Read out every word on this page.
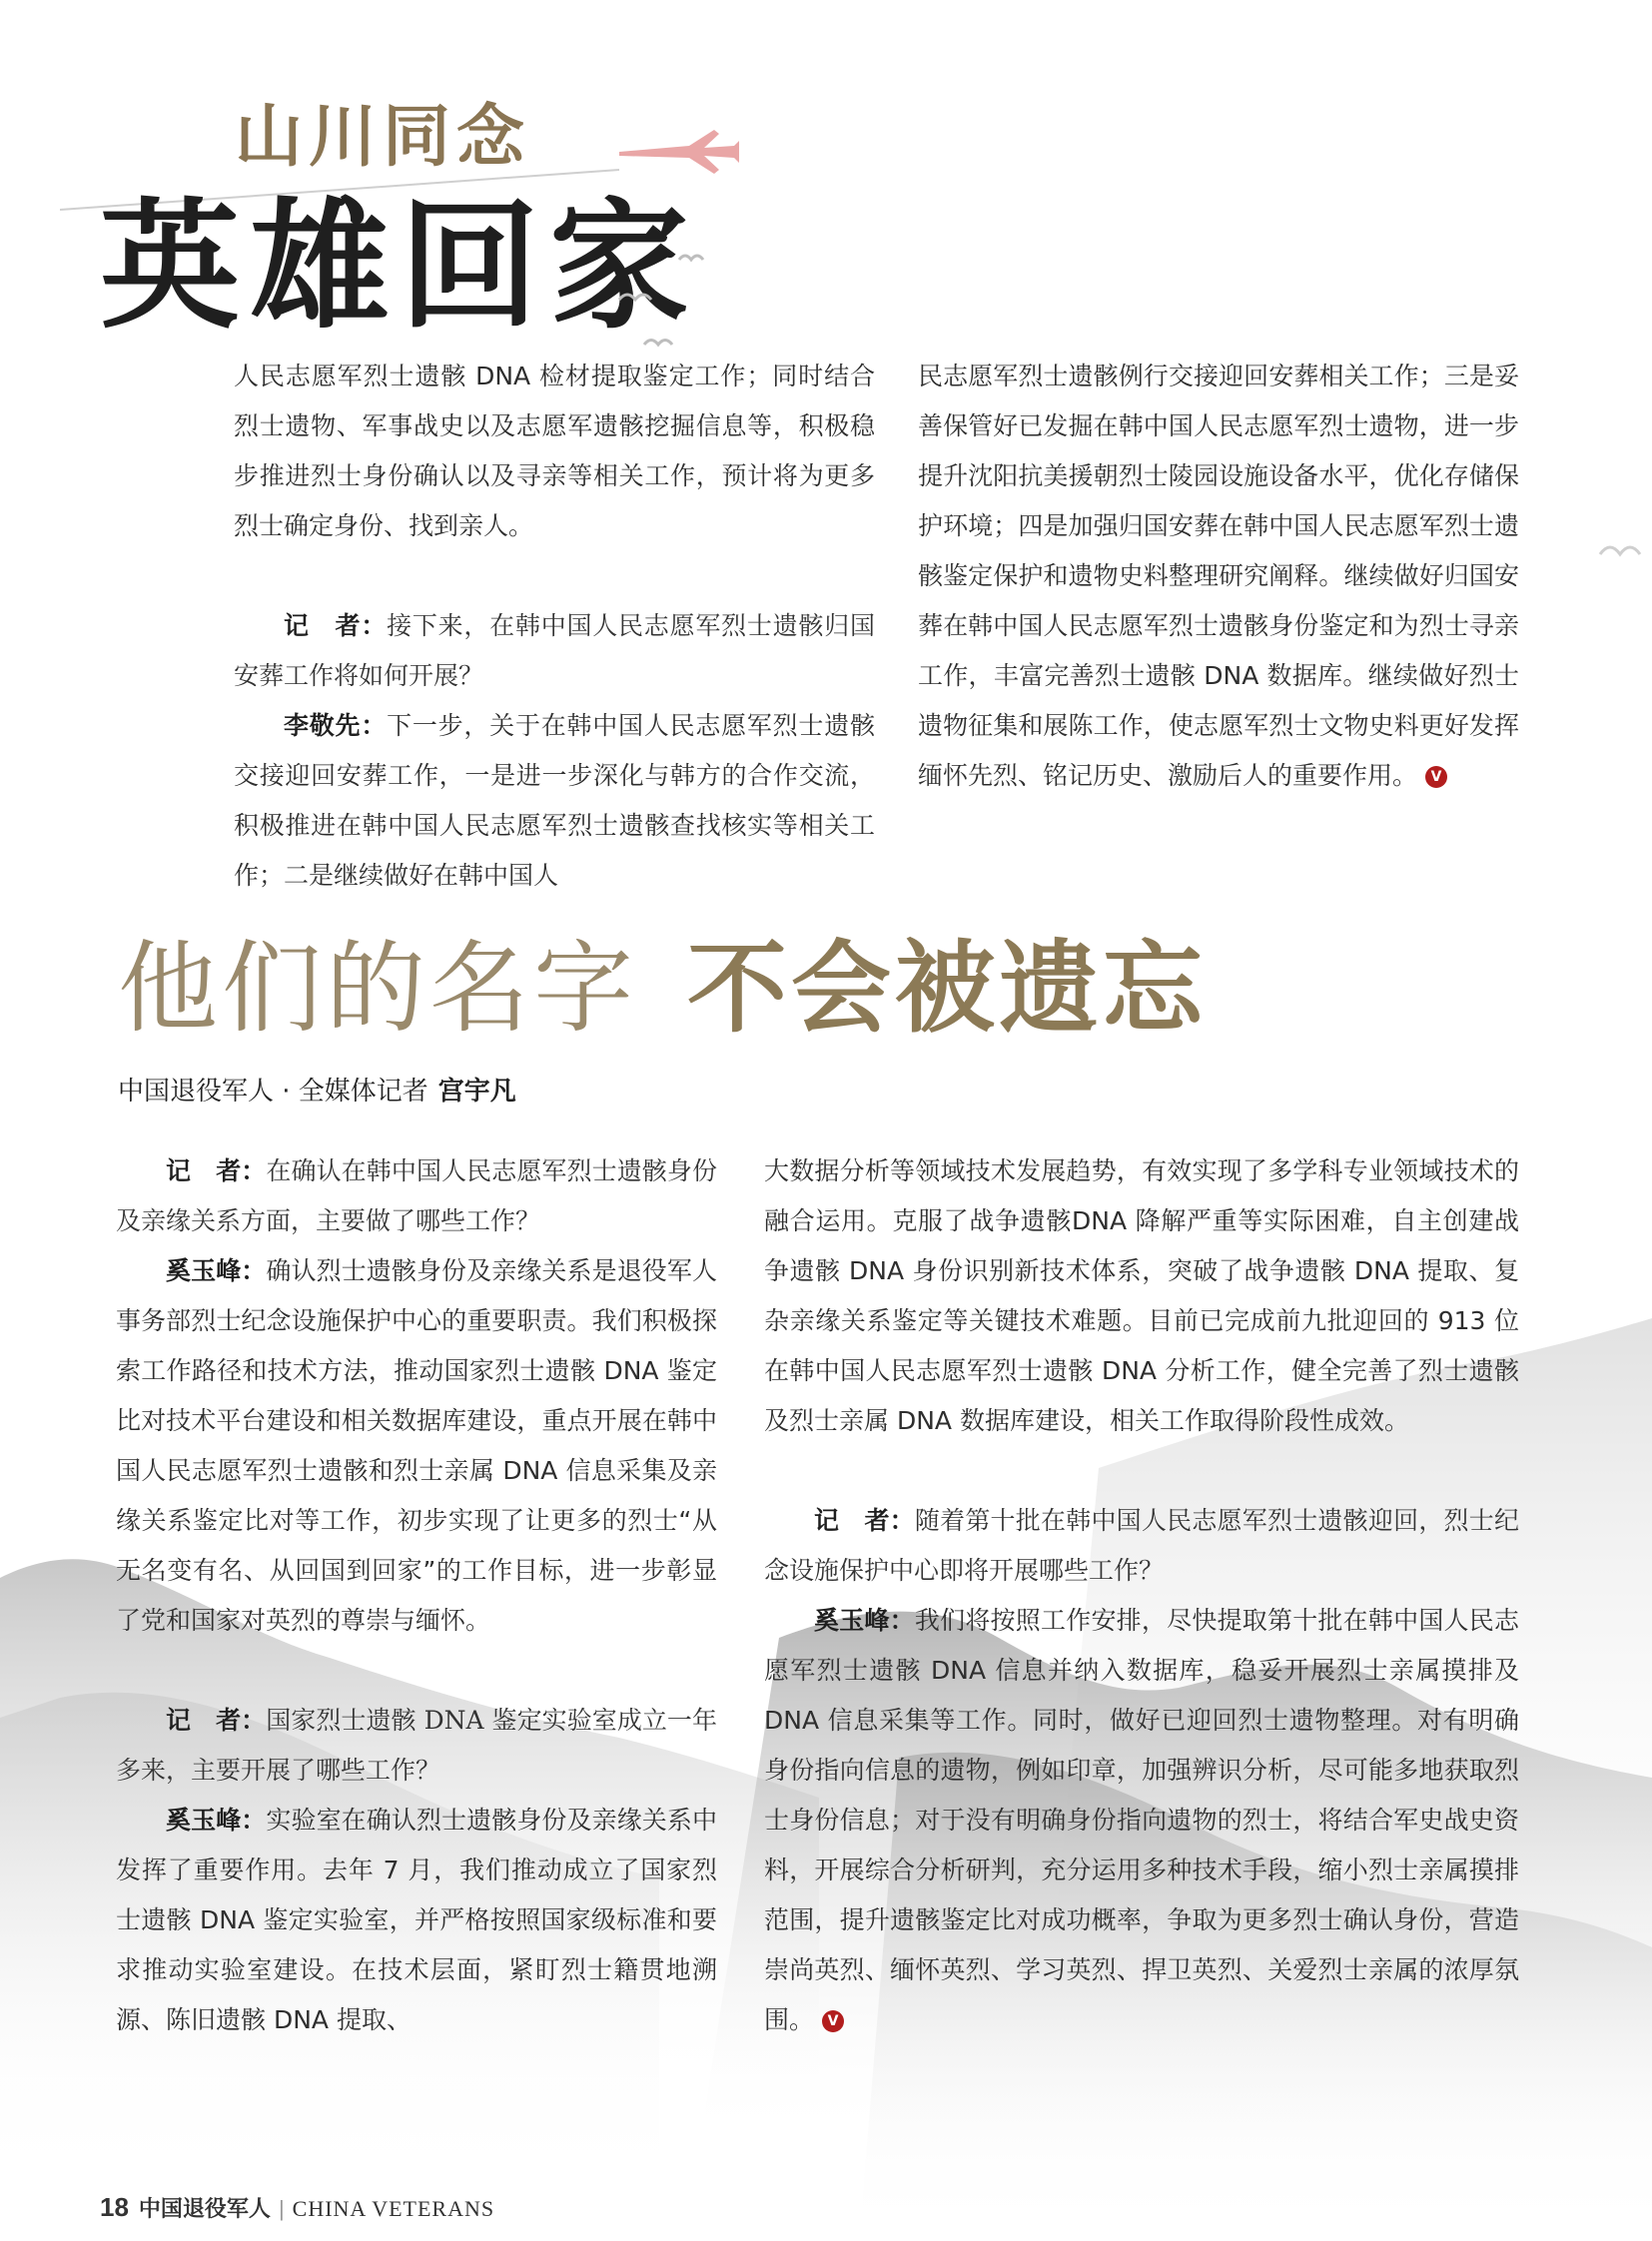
山川同念
英雄回家

人民志愿军烈士遗骸 DNA 检材提取鉴定工作；同时结合烈士遗物、军事战史以及志愿军遗骸挖掘信息等，积极稳步推进烈士身份确认以及寻亲等相关工作，预计将为更多烈士确定身份、找到亲人。

记　者：接下来，在韩中国人民志愿军烈士遗骸归国安葬工作将如何开展？

李敬先：下一步，关于在韩中国人民志愿军烈士遗骸交接迎回安葬工作，一是进一步深化与韩方的合作交流，积极推进在韩中国人民志愿军烈士遗骸查找核实等相关工作；二是继续做好在韩中国人

民志愿军烈士遗骸例行交接迎回安葬相关工作；三是妥善保管好已发掘在韩中国人民志愿军烈士遗物，进一步提升沈阳抗美援朝烈士陵园设施设备水平，优化存储保护环境；四是加强归国安葬在韩中国人民志愿军烈士遗骸鉴定保护和遗物史料整理研究阐释。继续做好归国安葬在韩中国人民志愿军烈士遗骸身份鉴定和为烈士寻亲工作，丰富完善烈士遗骸 DNA 数据库。继续做好烈士遗物征集和展陈工作，使志愿军烈士文物史料更好发挥缅怀先烈、铭记历史、激励后人的重要作用。 V

他们的名字 不会被遗忘
中国退役军人 · 全媒体记者 宫宇凡

记　者：在确认在韩中国人民志愿军烈士遗骸身份及亲缘关系方面，主要做了哪些工作？

奚玉峰：确认烈士遗骸身份及亲缘关系是退役军人事务部烈士纪念设施保护中心的重要职责。我们积极探索工作路径和技术方法，推动国家烈士遗骸 DNA 鉴定比对技术平台建设和相关数据库建设，重点开展在韩中国人民志愿军烈士遗骸和烈士亲属 DNA 信息采集及亲缘关系鉴定比对等工作，初步实现了让更多的烈士“从无名变有名、从回国到回家”的工作目标，进一步彰显了党和国家对英烈的尊崇与缅怀。

记　者：国家烈士遗骸 DNA 鉴定实验室成立一年多来，主要开展了哪些工作？

奚玉峰：实验室在确认烈士遗骸身份及亲缘关系中发挥了重要作用。去年 7 月，我们推动成立了国家烈士遗骸 DNA 鉴定实验室，并严格按照国家级标准和要求推动实验室建设。在技术层面，紧盯烈士籍贯地溯源、陈旧遗骸 DNA 提取、

大数据分析等领域技术发展趋势，有效实现了多学科专业领域技术的融合运用。克服了战争遗骸DNA 降解严重等实际困难，自主创建战争遗骸 DNA 身份识别新技术体系，突破了战争遗骸 DNA 提取、复杂亲缘关系鉴定等关键技术难题。目前已完成前九批迎回的 913 位在韩中国人民志愿军烈士遗骸 DNA 分析工作，健全完善了烈士遗骸及烈士亲属 DNA 数据库建设，相关工作取得阶段性成效。

记　者：随着第十批在韩中国人民志愿军烈士遗骸迎回，烈士纪念设施保护中心即将开展哪些工作？

奚玉峰：我们将按照工作安排，尽快提取第十批在韩中国人民志愿军烈士遗骸 DNA 信息并纳入数据库，稳妥开展烈士亲属摸排及 DNA 信息采集等工作。同时，做好已迎回烈士遗物整理。对有明确身份指向信息的遗物，例如印章，加强辨识分析，尽可能多地获取烈士身份信息；对于没有明确身份指向遗物的烈士，将结合军史战史资料，开展综合分析研判，充分运用多种技术手段，缩小烈士亲属摸排范围，提升遗骸鉴定比对成功概率，争取为更多烈士确认身份，营造崇尚英烈、缅怀英烈、学习英烈、捍卫英烈、关爱烈士亲属的浓厚氛围。 V

18 中国退役军人 | CHINA VETERANS
